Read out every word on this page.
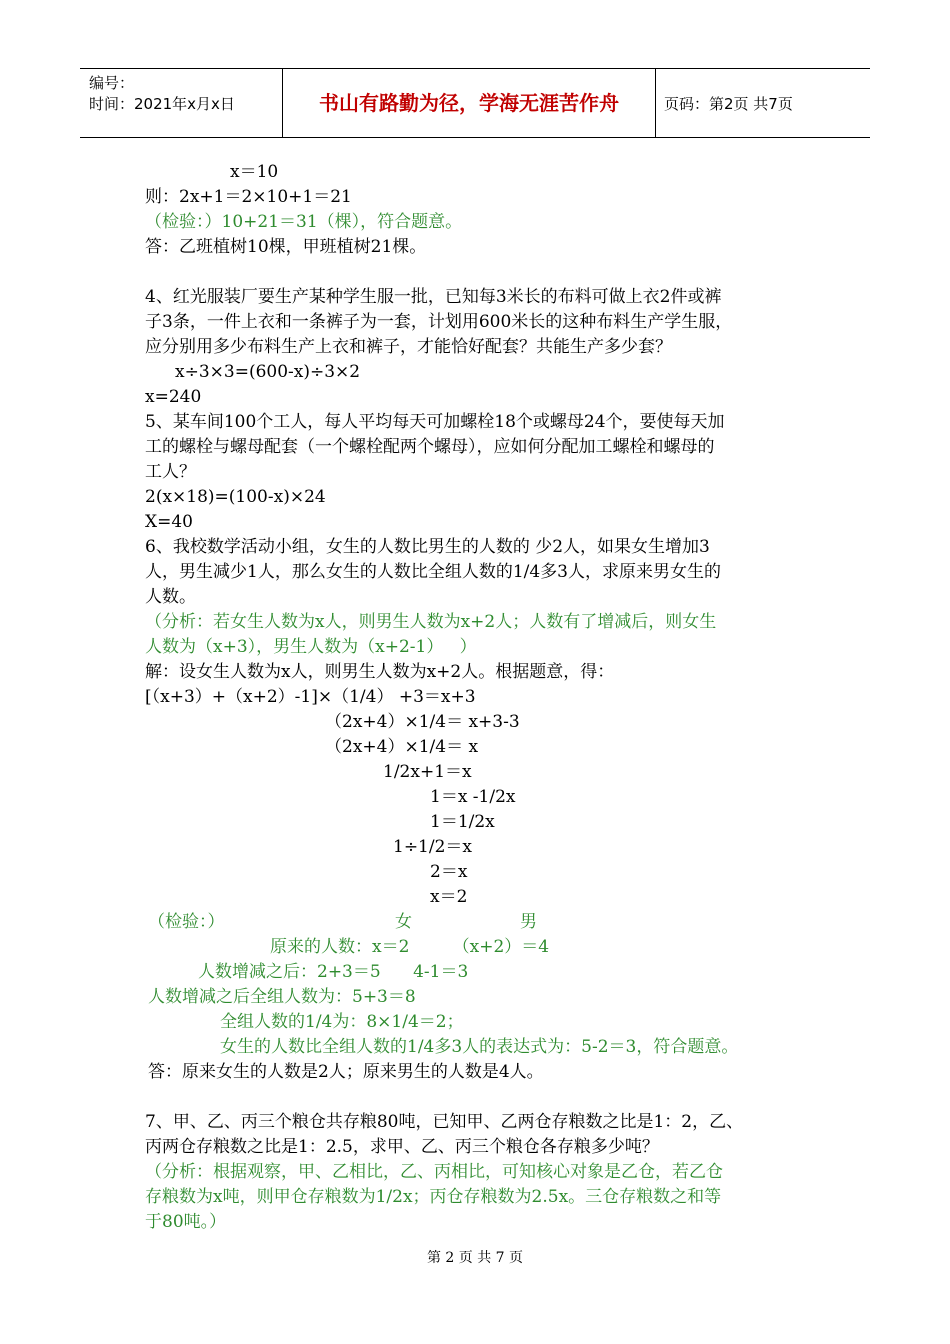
编号：
时间：2021年x月x日	书山有路勤为径，学海无涯苦作舟	页码：第2页 共7页
x＝10
则：2x+1＝2×10+1＝21
（检验：）10+21＝31（棵），符合题意。
答：乙班植树10棵，甲班植树21棵。
4、红光服装厂要生产某种学生服一批，已知每3米长的布料可做上衣2件或裤
子3条，一件上衣和一条裤子为一套，计划用600米长的这种布料生产学生服，
应分别用多少布料生产上衣和裤子，才能恰好配套？共能生产多少套？
x÷3×3=(600-x)÷3×2
x=240
5、某车间100个工人，每人平均每天可加螺栓18个或螺母24个，要使每天加
工的螺栓与螺母配套（一个螺栓配两个螺母），应如何分配加工螺栓和螺母的
工人？
2(x×18)=(100-x)×24
X=40
6、我校数学活动小组，女生的人数比男生的人数的 少2人，如果女生增加3
人，男生减少1人，那么女生的人数比全组人数的1/4多3人，求原来男女生的
人数。
（分析：若女生人数为x人，则男生人数为x+2人；人数有了增减后，则女生
人数为（x+3），男生人数为（x+2-1）   ）
解：设女生人数为x人，则男生人数为x+2人。根据题意，得：
[（x+3）+（x+2）-1]×（1/4） +3＝x+3
（2x+4）×1/4＝ x+3-3
（2x+4）×1/4＝ x
1/2x+1＝x
1＝x -1/2x
1＝1/2x
1÷1/2＝x
2＝x
x＝2
（检验：）	女	男
原来的人数：x＝2        （x+2）＝4
人数增减之后：2+3＝5      4-1＝3
人数增减之后全组人数为：5+3＝8
全组人数的1/4为：8×1/4＝2；
女生的人数比全组人数的1/4多3人的表达式为：5-2＝3，符合题意。
答：原来女生的人数是2人；原来男生的人数是4人。
7、甲、乙、丙三个粮仓共存粮80吨，已知甲、乙两仓存粮数之比是1：2，乙、
丙两仓存粮数之比是1：2.5，求甲、乙、丙三个粮仓各存粮多少吨？
（分析：根据观察，甲、乙相比，乙、丙相比，可知核心对象是乙仓，若乙仓
存粮数为x吨，则甲仓存粮数为1/2x；丙仓存粮数为2.5x。三仓存粮数之和等
于80吨。）
第 2 页 共 7 页
